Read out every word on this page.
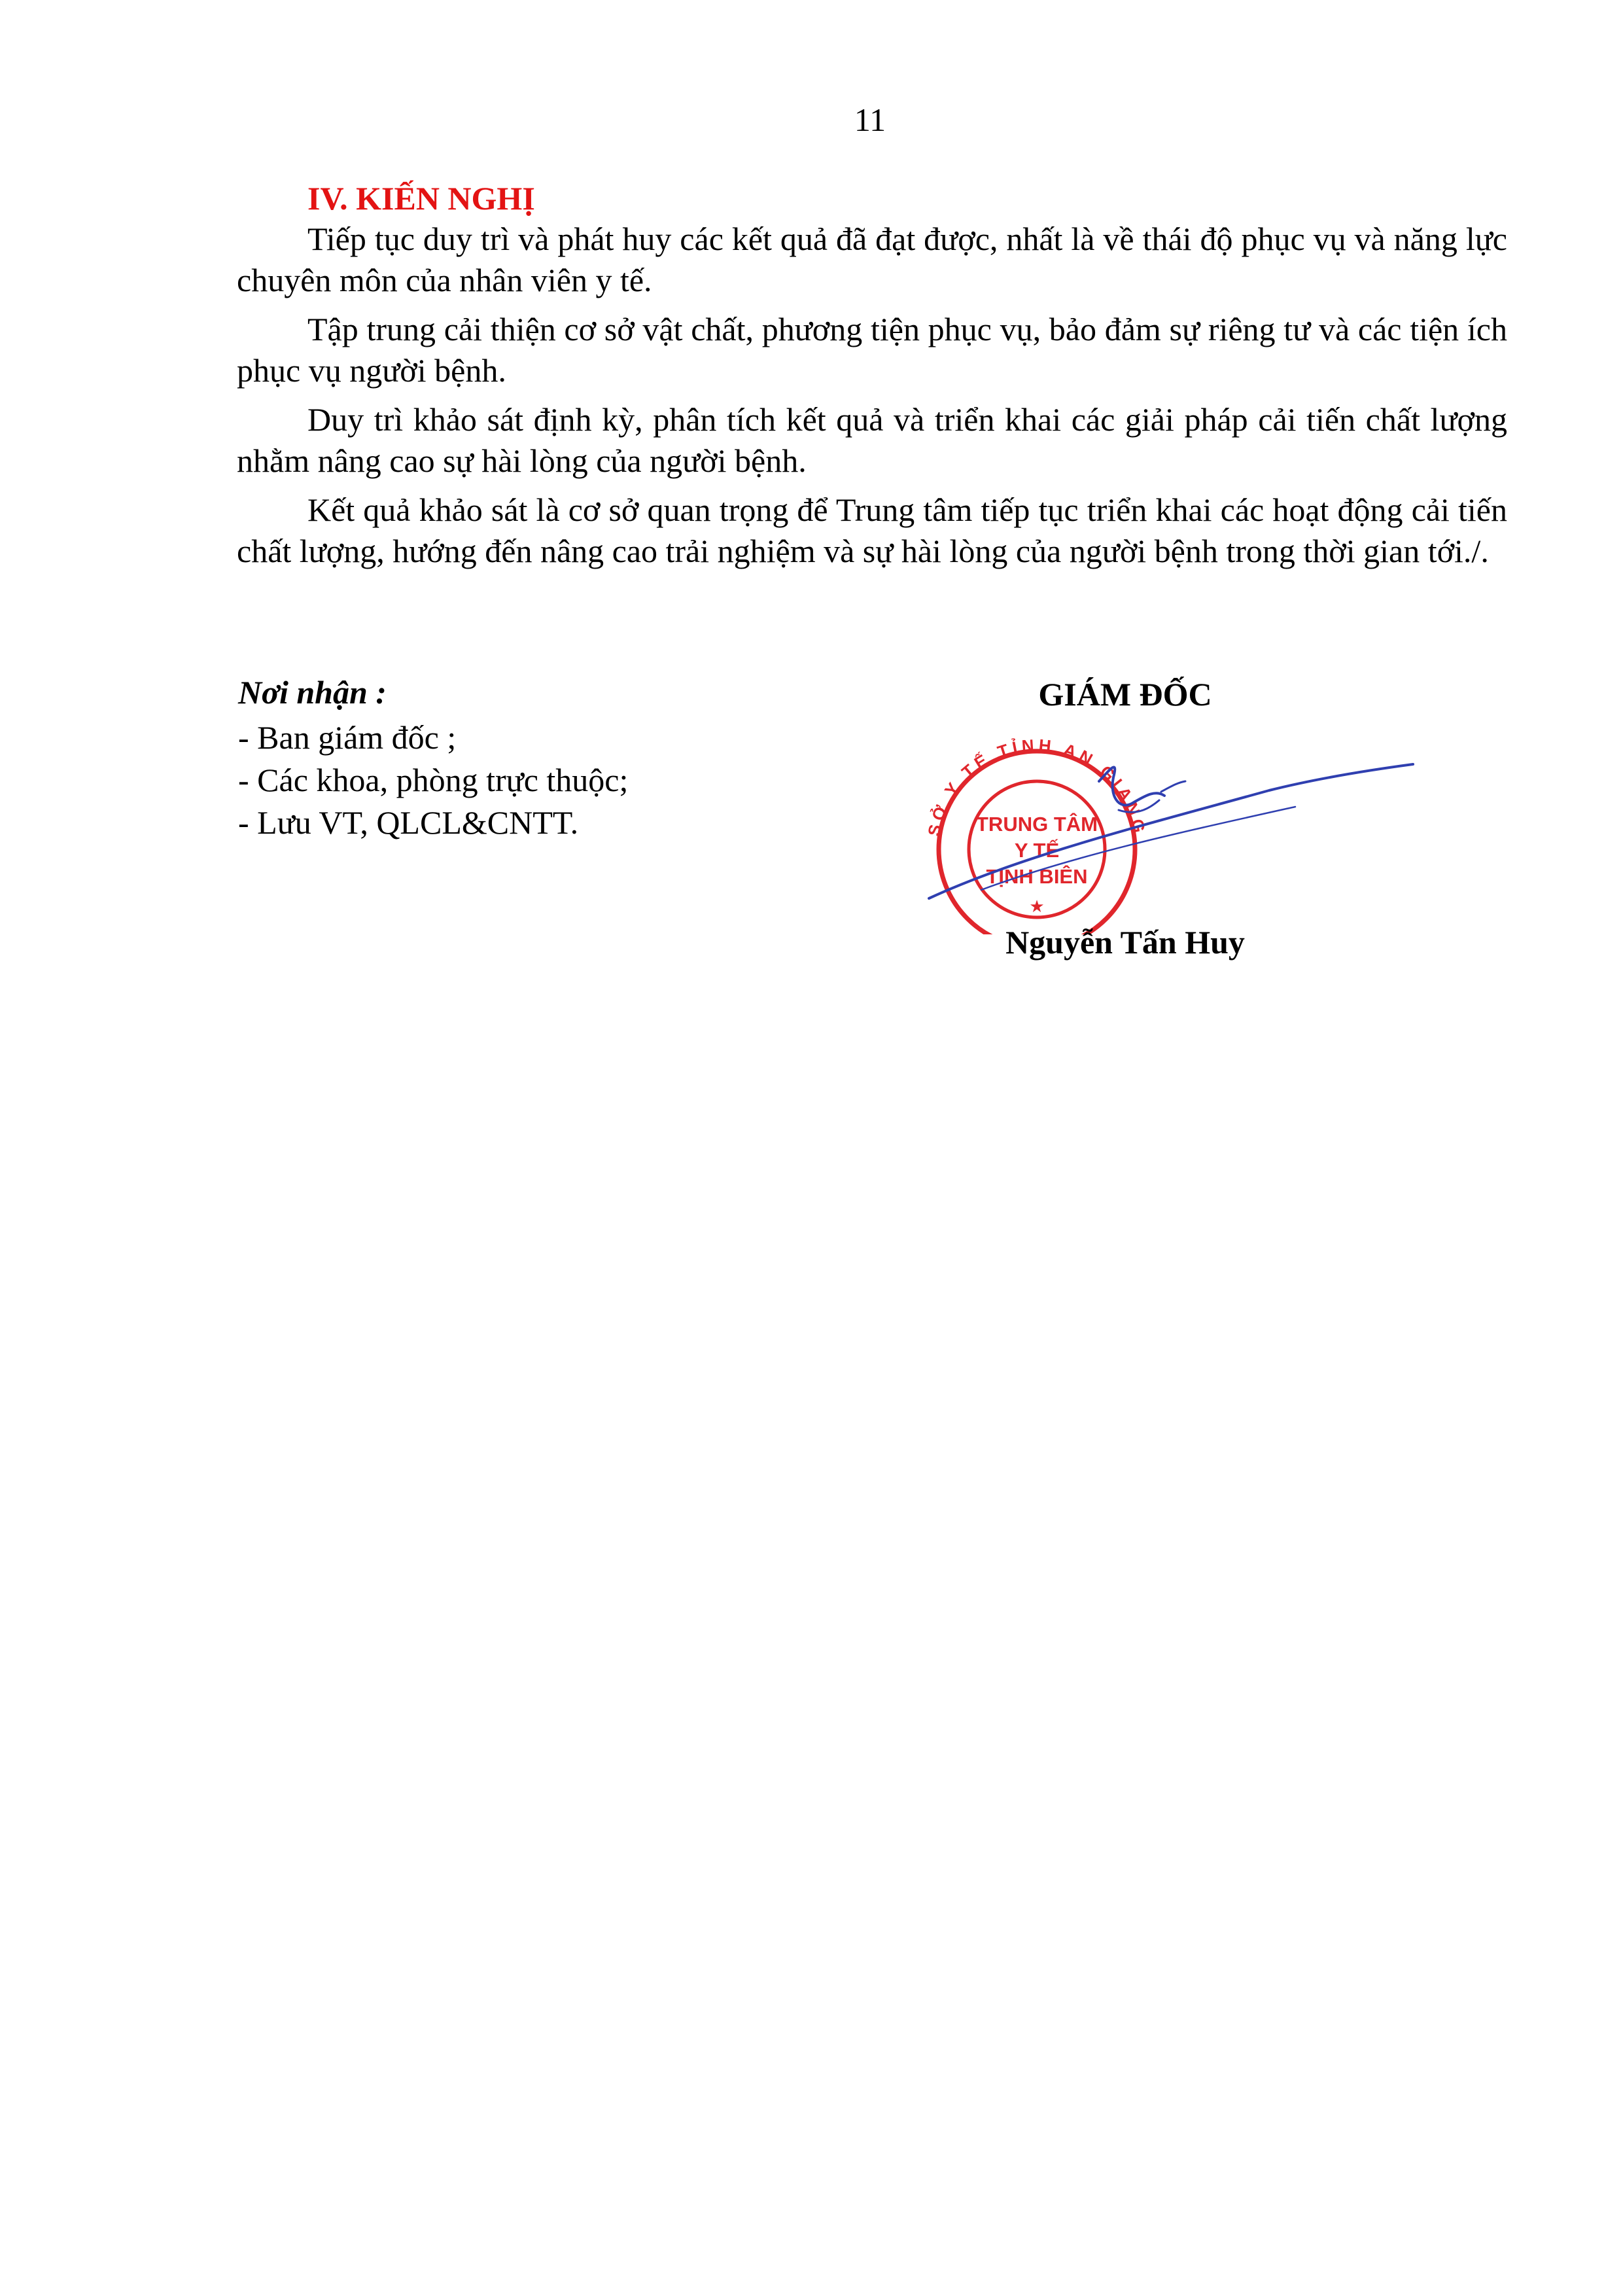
11
IV. KIẾN NGHỊ

Tiếp tục duy trì và phát huy các kết quả đã đạt được, nhất là về thái độ phục vụ và năng lực chuyên môn của nhân viên y tế.

Tập trung cải thiện cơ sở vật chất, phương tiện phục vụ, bảo đảm sự riêng tư và các tiện ích phục vụ người bệnh.

Duy trì khảo sát định kỳ, phân tích kết quả và triển khai các giải pháp cải tiến chất lượng nhằm nâng cao sự hài lòng của người bệnh.

Kết quả khảo sát là cơ sở quan trọng để Trung tâm tiếp tục triển khai các hoạt động cải tiến chất lượng, hướng đến nâng cao trải nghiệm và sự hài lòng của người bệnh trong thời gian tới./.

Nơi nhận :

- Ban giám đốc ;
- Các khoa, phòng trực thuộc;
- Lưu VT, QLCL&CNTT.
GIÁM ĐỐC
SỞ Y TẾ TỈNH AN GIANG
TRUNG TÂM
Y TẾ
TỊNH BIÊN
★
Nguyễn Tấn Huy
